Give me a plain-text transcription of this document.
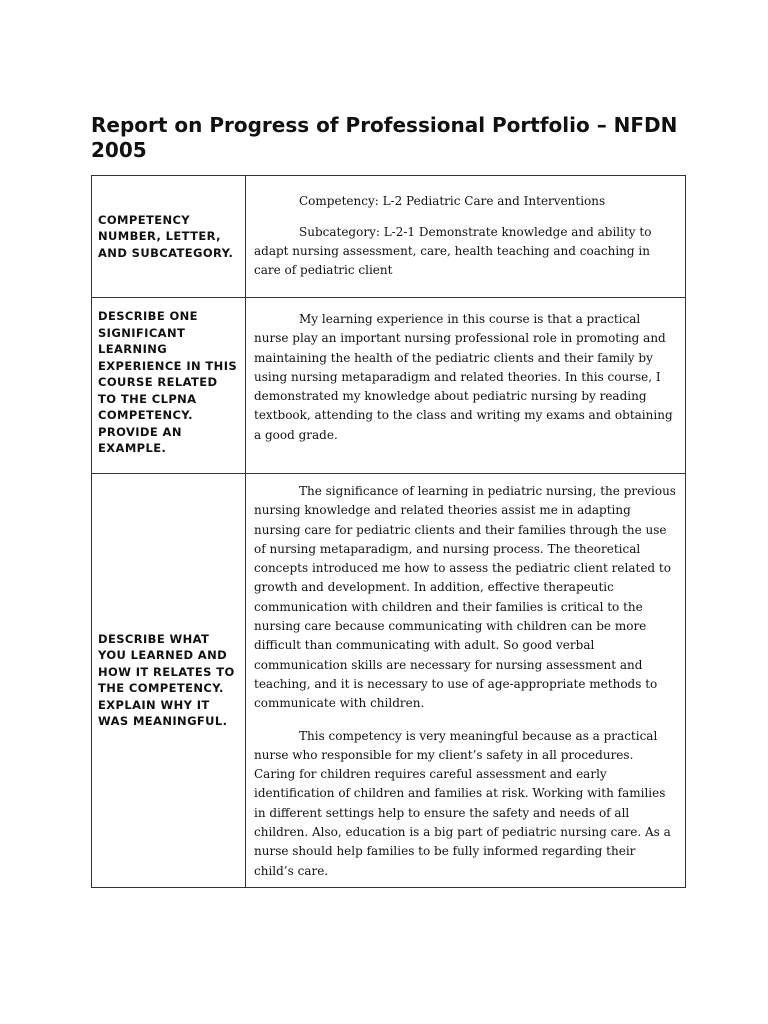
Report on Progress of Professional Portfolio – NFDN 2005
COMPETENCY NUMBER, LETTER, AND SUBCATEGORY.	Competency: L-2 Pediatric Care and Interventions

Subcategory: L-2-1 Demonstrate knowledge and ability to adapt nursing assessment, care, health teaching and coaching in care of pediatric client

DESCRIBE ONE SIGNIFICANT LEARNING EXPERIENCE IN THIS COURSE RELATED TO THE CLPNA COMPETENCY. PROVIDE AN EXAMPLE.	My learning experience in this course is that a practical nurse play an important nursing professional role in promoting and maintaining the health of the pediatric clients and their family by using nursing metaparadigm and related theories. In this course, I demonstrated my knowledge about pediatric nursing by reading textbook, attending to the class and writing my exams and obtaining a good grade.

DESCRIBE WHAT YOU LEARNED AND HOW IT RELATES TO THE COMPETENCY. EXPLAIN WHY IT WAS MEANINGFUL.	The significance of learning in pediatric nursing, the previous nursing knowledge and related theories assist me in adapting nursing care for pediatric clients and their families through the use of nursing metaparadigm, and nursing process. The theoretical concepts introduced me how to assess the pediatric client related to growth and development. In addition, effective therapeutic communication with children and their families is critical to the nursing care because communicating with children can be more difficult than communicating with adult. So good verbal communication skills are necessary for nursing assessment and teaching, and it is necessary to use of age-appropriate methods to communicate with children.

This competency is very meaningful because as a practical nurse who responsible for my client’s safety in all procedures. Caring for children requires careful assessment and early identification of children and families at risk. Working with families in different settings help to ensure the safety and needs of all children. Also, education is a big part of pediatric nursing care. As a nurse should help families to be fully informed regarding their child’s care.
